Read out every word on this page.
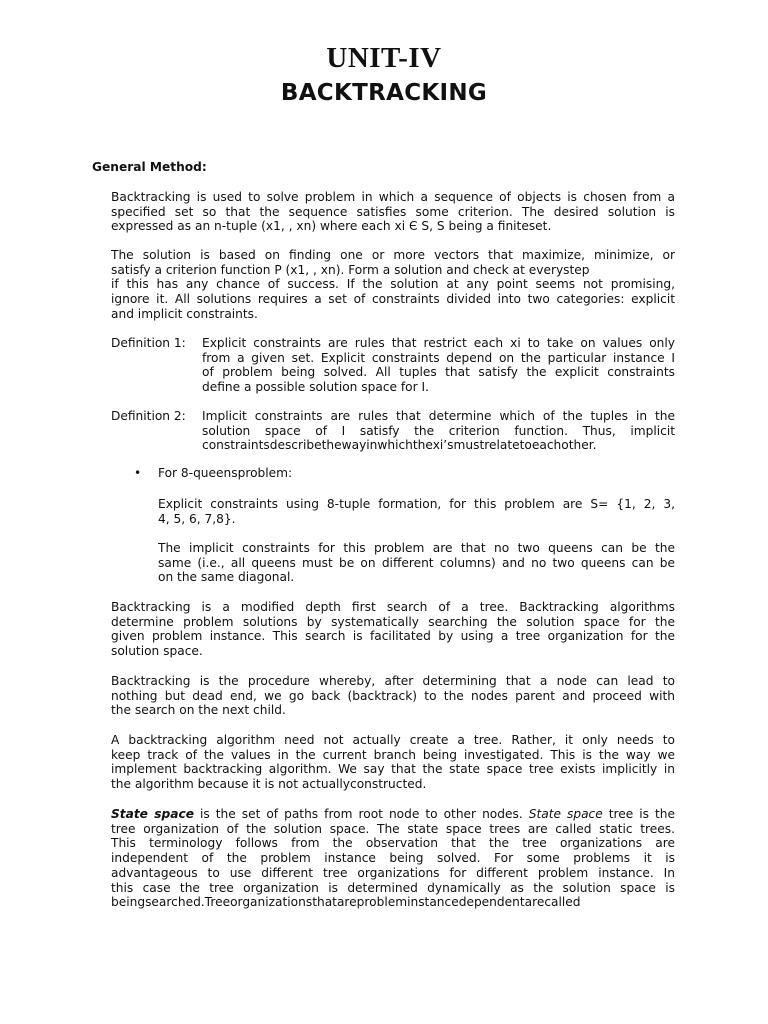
UNIT-IV
BACKTRACKING
General Method:
Backtracking is used to solve problem in which a sequence of objects is chosen from a
specified set so that the sequence satisfies some criterion. The desired solution is
expressed as an n-tuple (x1, , xn) where each xi Є S, S being a finiteset.
The solution is based on finding one or more vectors that maximize, minimize, or
satisfy a criterion function P (x1, , xn). Form a solution and check at everystep
if this has any chance of success. If the solution at any point seems not promising,
ignore it. All solutions requires a set of constraints divided into two categories: explicit
and implicit constraints.
Definition 1:	Explicit constraints are rules that restrict each xi to take on values only
from a given set. Explicit constraints depend on the particular instance I
of problem being solved. All tuples that satisfy the explicit constraints
define a possible solution space for I.
Definition 2:	Implicit constraints are rules that determine which of the tuples in the
solution space of I satisfy the criterion function. Thus, implicit
constraintsdescribethewayinwhichthexi’smustrelatetoeachother.
•	For 8-queensproblem:
Explicit constraints using 8-tuple formation, for this problem are S= {1, 2, 3,
4, 5, 6, 7,8}.
The implicit constraints for this problem are that no two queens can be the
same (i.e., all queens must be on different columns) and no two queens can be
on the same diagonal.
Backtracking is a modified depth first search of a tree. Backtracking algorithms
determine problem solutions by systematically searching the solution space for the
given problem instance. This search is facilitated by using a tree organization for the
solution space.
Backtracking is the procedure whereby, after determining that a node can lead to
nothing but dead end, we go back (backtrack) to the nodes parent and proceed with
the search on the next child.
A backtracking algorithm need not actually create a tree. Rather, it only needs to
keep track of the values in the current branch being investigated. This is the way we
implement backtracking algorithm. We say that the state space tree exists implicitly in
the algorithm because it is not actuallyconstructed.
State space is the set of paths from root node to other nodes. State space tree is the
tree organization of the solution space. The state space trees are called static trees.
This terminology follows from the observation that the tree organizations are
independent of the problem instance being solved. For some problems it is
advantageous to use different tree organizations for different problem instance. In
this case the tree organization is determined dynamically as the solution space is
beingsearched.Treeorganizationsthatareprobleminstancedependentarecalled
